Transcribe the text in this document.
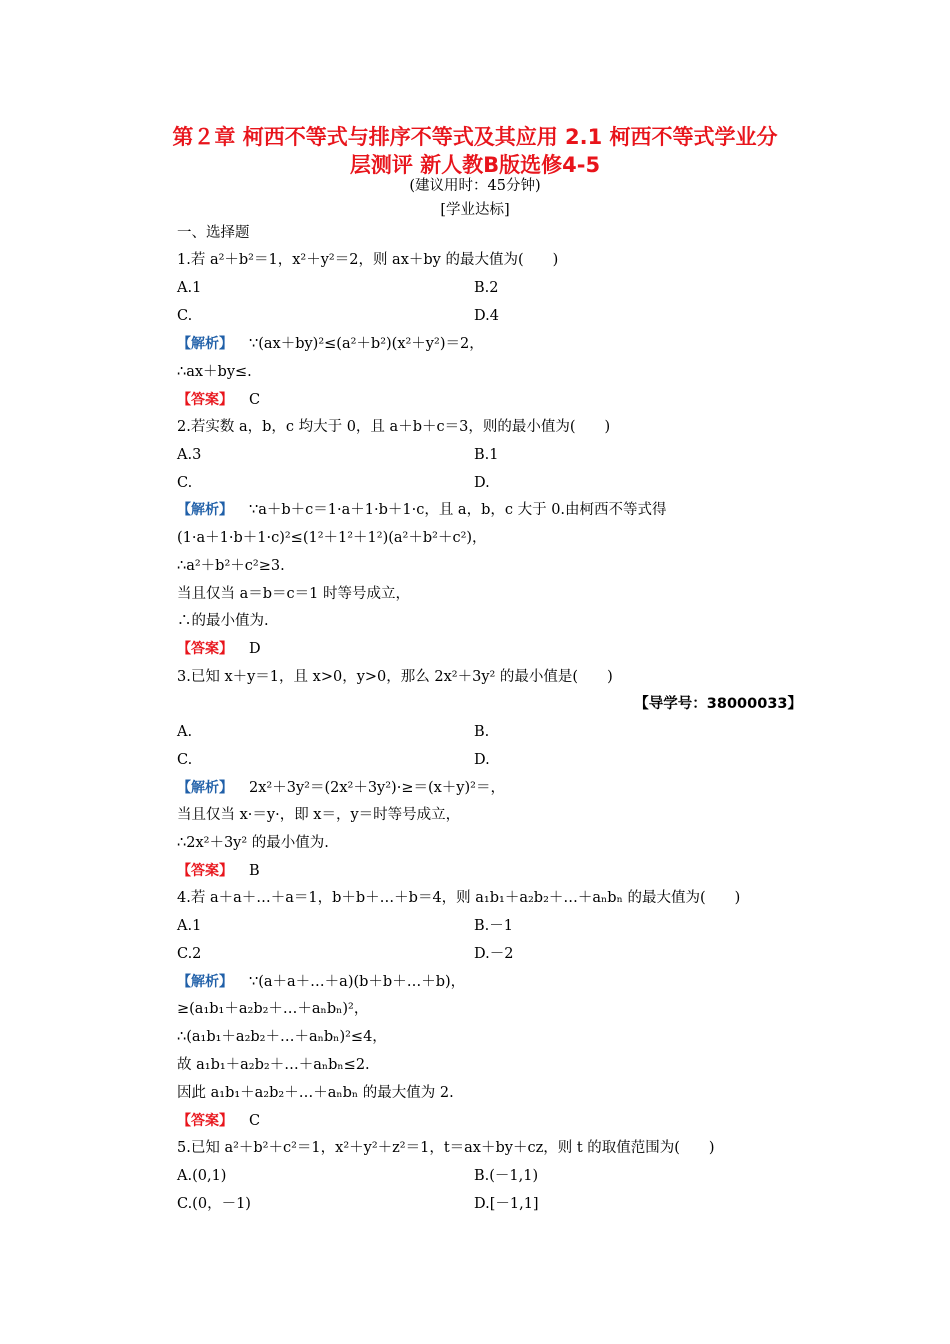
第２章 柯西不等式与排序不等式及其应用 2.1 柯西不等式学业分
层测评 新人教B版选修4-5
(建议用时：45分钟)
[学业达标]
一、选择题
1.若 a²＋b²＝1，x²＋y²＝2，则 ax＋by 的最大值为(　　)
A.1	B.2
C.	D.4
【解析】 ∵(ax＋by)²≤(a²＋b²)(x²＋y²)＝2，
∴ax＋by≤.
【答案】 C
2.若实数 a，b，c 均大于 0，且 a＋b＋c＝3，则的最小值为(　　)
A.3	B.1
C.	D.
【解析】 ∵a＋b＋c＝1·a＋1·b＋1·c，且 a，b，c 大于 0.由柯西不等式得
(1·a＋1·b＋1·c)²≤(1²＋1²＋1²)(a²＋b²＋c²)，
∴a²＋b²＋c²≥3.
当且仅当 a＝b＝c＝1 时等号成立，
∴的最小值为.
【答案】 D
3.已知 x＋y＝1，且 x>0，y>0，那么 2x²＋3y² 的最小值是(　　)
【导学号：38000033】
A.	B.
C.	D.
【解析】 2x²＋3y²＝(2x²＋3y²)·≥＝(x＋y)²＝，
当且仅当 x·＝y·，即 x＝，y＝时等号成立，
∴2x²＋3y² 的最小值为.
【答案】 B
4.若 a＋a＋…＋a＝1，b＋b＋…＋b＝4，则 a₁b₁＋a₂b₂＋…＋aₙbₙ 的最大值为(　　)
A.1	B.－1
C.2	D.－2
【解析】 ∵(a＋a＋…＋a)(b＋b＋…＋b)，
≥(a₁b₁＋a₂b₂＋…＋aₙbₙ)²，
∴(a₁b₁＋a₂b₂＋…＋aₙbₙ)²≤4，
故 a₁b₁＋a₂b₂＋…＋aₙbₙ≤2.
因此 a₁b₁＋a₂b₂＋…＋aₙbₙ 的最大值为 2.
【答案】 C
5.已知 a²＋b²＋c²＝1，x²＋y²＋z²＝1，t＝ax＋by＋cz，则 t 的取值范围为(　　)
A.(0,1)	B.(－1,1)
C.(0，－1)	D.[－1,1]
